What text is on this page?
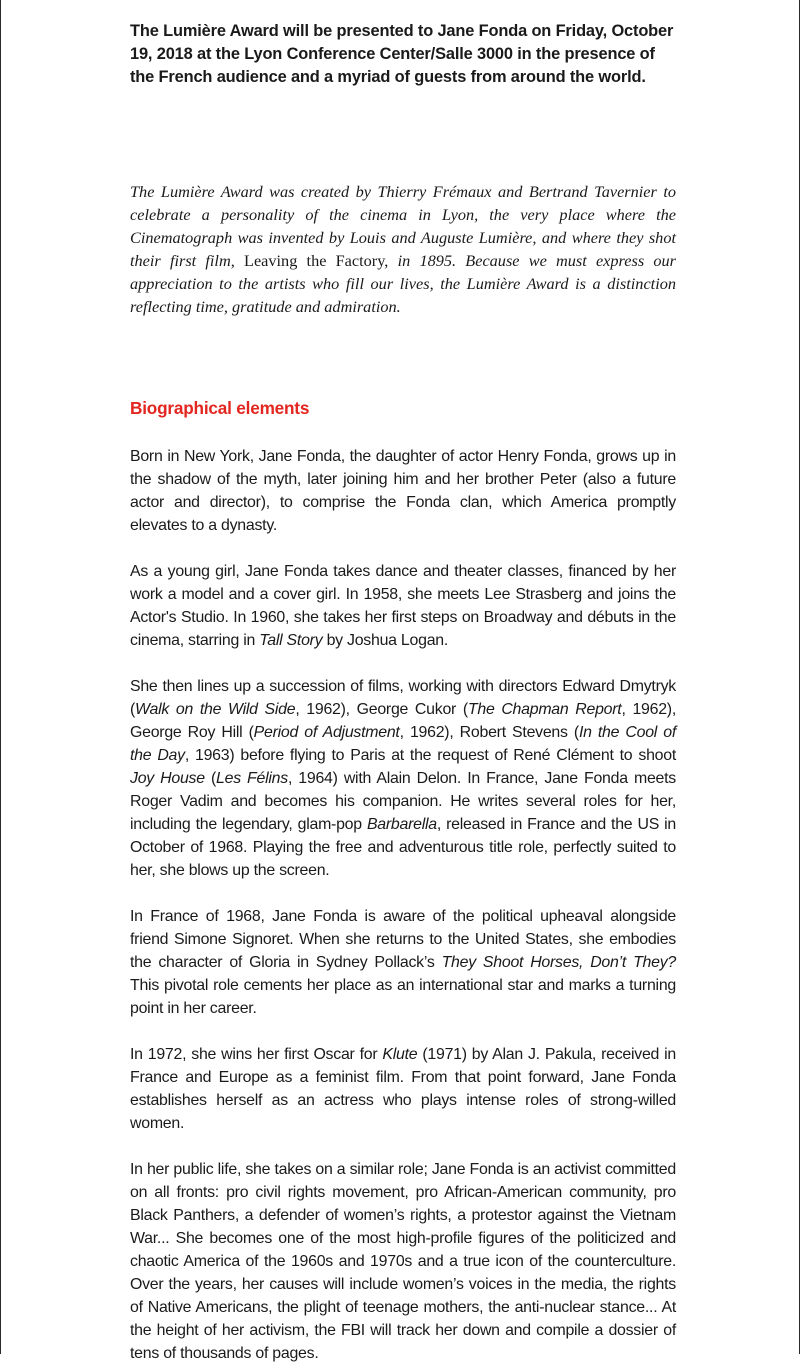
The Lumière Award will be presented to Jane Fonda on Friday, October 19, 2018 at the Lyon Conference Center/Salle 3000 in the presence of the French audience and a myriad of guests from around the world.

The Lumière Award was created by Thierry Frémaux and Bertrand Tavernier to celebrate a personality of the cinema in Lyon, the very place where the Cinematograph was invented by Louis and Auguste Lumière, and where they shot their first film, Leaving the Factory, in 1895. Because we must express our appreciation to the artists who fill our lives, the Lumière Award is a distinction reflecting time, gratitude and admiration.

Biographical elements

Born in New York, Jane Fonda, the daughter of actor Henry Fonda, grows up in the shadow of the myth, later joining him and her brother Peter (also a future actor and director), to comprise the Fonda clan, which America promptly elevates to a dynasty.

As a young girl, Jane Fonda takes dance and theater classes, financed by her work a model and a cover girl. In 1958, she meets Lee Strasberg and joins the Actor's Studio. In 1960, she takes her first steps on Broadway and débuts in the cinema, starring in Tall Story by Joshua Logan.

She then lines up a succession of films, working with directors Edward Dmytryk (Walk on the Wild Side, 1962), George Cukor (The Chapman Report, 1962), George Roy Hill (Period of Adjustment, 1962), Robert Stevens (In the Cool of the Day, 1963) before flying to Paris at the request of René Clément to shoot Joy House (Les Félins, 1964) with Alain Delon. In France, Jane Fonda meets Roger Vadim and becomes his companion. He writes several roles for her, including the legendary, glam-pop Barbarella, released in France and the US in October of 1968. Playing the free and adventurous title role, perfectly suited to her, she blows up the screen.

In France of 1968, Jane Fonda is aware of the political upheaval alongside friend Simone Signoret. When she returns to the United States, she embodies the character of Gloria in Sydney Pollack’s They Shoot Horses, Don’t They? This pivotal role cements her place as an international star and marks a turning point in her career.

In 1972, she wins her first Oscar for Klute (1971) by Alan J. Pakula, received in France and Europe as a feminist film. From that point forward, Jane Fonda establishes herself as an actress who plays intense roles of strong-willed women.

In her public life, she takes on a similar role; Jane Fonda is an activist committed on all fronts: pro civil rights movement, pro African-American community, pro Black Panthers, a defender of women’s rights, a protestor against the Vietnam War... She becomes one of the most high-profile figures of the politicized and chaotic America of the 1960s and 1970s and a true icon of the counterculture. Over the years, her causes will include women’s voices in the media, the rights of Native Americans, the plight of teenage mothers, the anti-nuclear stance... At the height of her activism, the FBI will track her down and compile a dossier of tens of thousands of pages.
